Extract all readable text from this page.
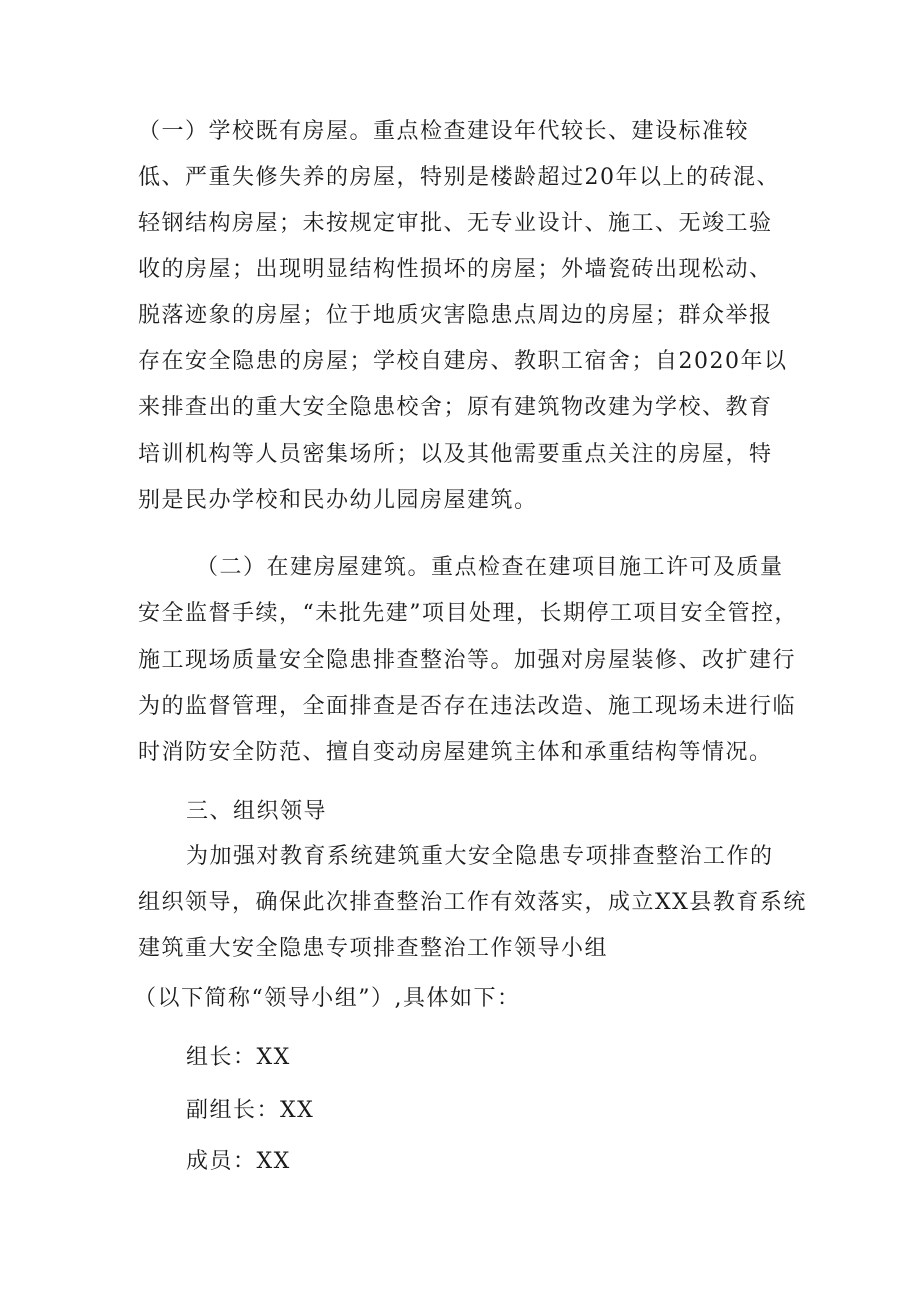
（一）学校既有房屋。重点检查建设年代较长、建设标准较
低、严重失修失养的房屋，特别是楼龄超过20年以上的砖混、
轻钢结构房屋；未按规定审批、无专业设计、施工、无竣工验
收的房屋；出现明显结构性损坏的房屋；外墙瓷砖出现松动、
脱落迹象的房屋；位于地质灾害隐患点周边的房屋；群众举报
存在安全隐患的房屋；学校自建房、教职工宿舍；自2020年以
来排查出的重大安全隐患校舍；原有建筑物改建为学校、教育
培训机构等人员密集场所；以及其他需要重点关注的房屋，特
别是民办学校和民办幼儿园房屋建筑。
（二）在建房屋建筑。重点检查在建项目施工许可及质量
安全监督手续，“未批先建”项目处理，长期停工项目安全管控，
施工现场质量安全隐患排查整治等。加强对房屋装修、改扩建行
为的监督管理，全面排查是否存在违法改造、施工现场未进行临
时消防安全防范、擅自变动房屋建筑主体和承重结构等情况。
三、组织领导
为加强对教育系统建筑重大安全隐患专项排查整治工作的
组织领导，确保此次排查整治工作有效落实，成立XX县教育系统
建筑重大安全隐患专项排查整治工作领导小组
（以下简称“领导小组”）,具体如下：
组长：XX
副组长：XX
成员：XX
